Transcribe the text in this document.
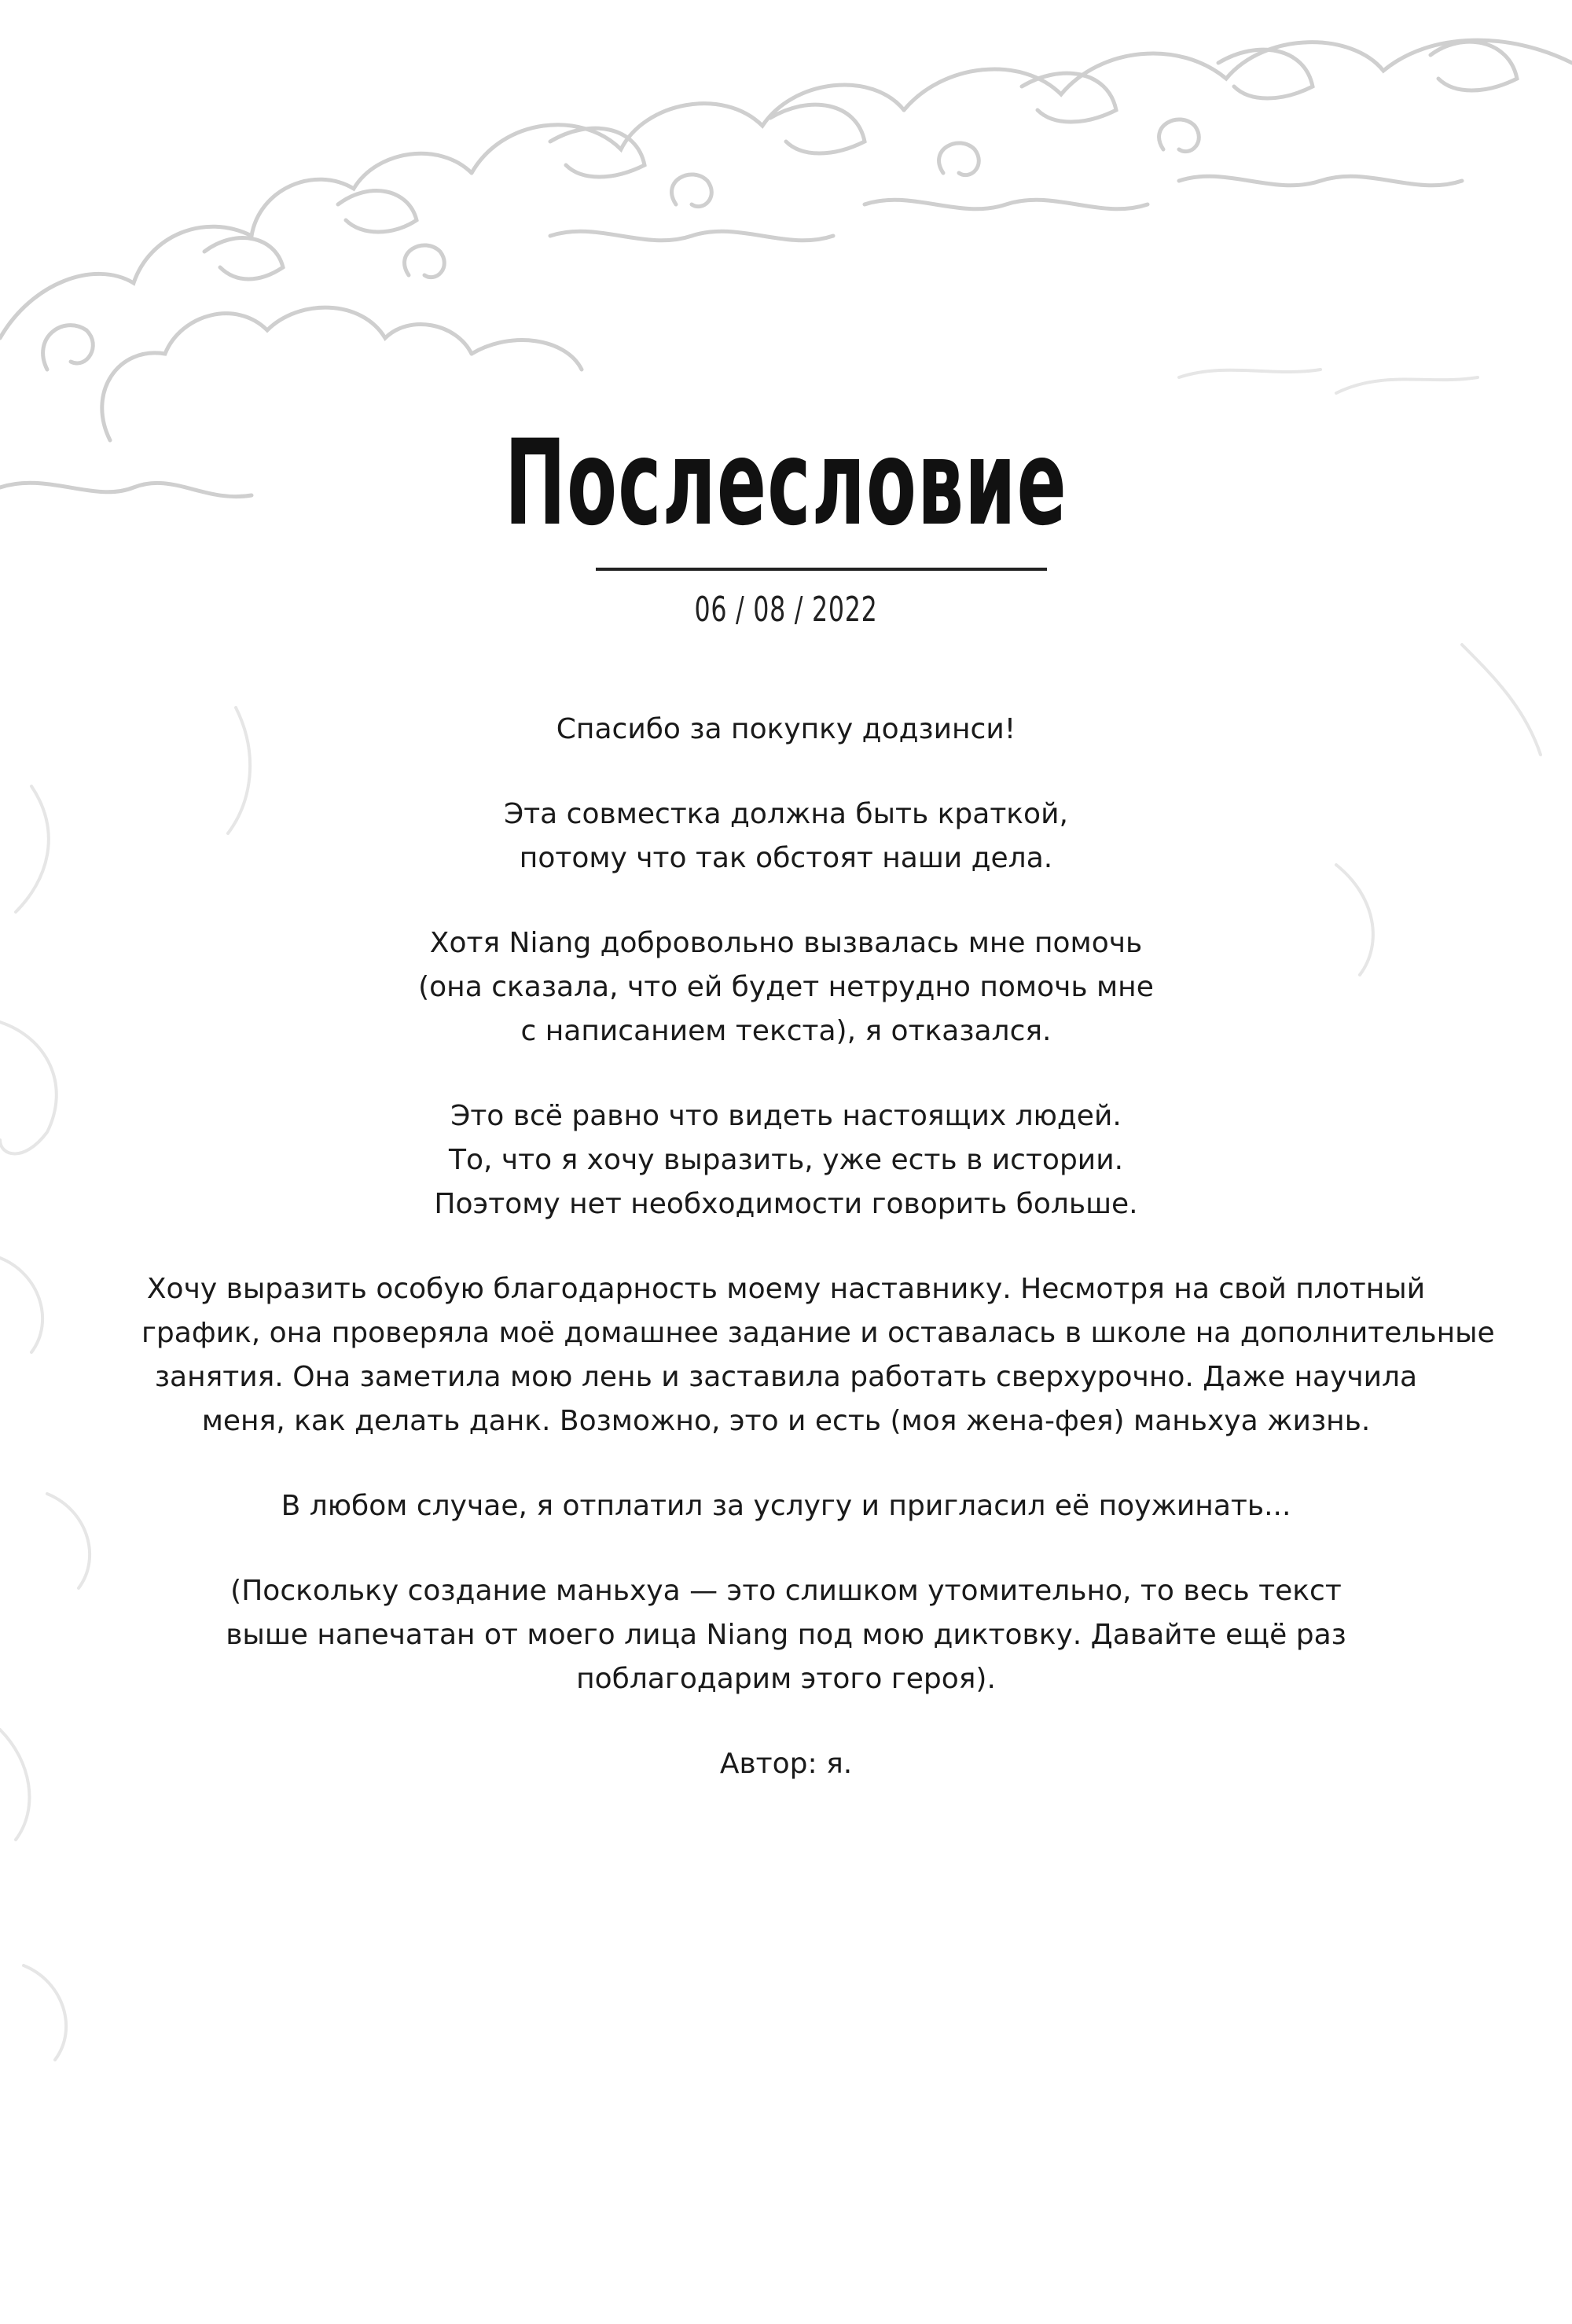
Послесловие
06 / 08 / 2022
Спасибо за покупку додзинси!
Эта совместка должна быть краткой,
потому что так обстоят наши дела.
Хотя Niang добровольно вызвалась мне помочь
(она сказала, что ей будет нетрудно помочь мне
с написанием текста), я отказался.
Это всё равно что видеть настоящих людей.
То, что я хочу выразить, уже есть в истории.
Поэтому нет необходимости говорить больше.
Хочу выразить особую благодарность моему наставнику. Несмотря на свой плотный
график, она проверяла моё домашнее задание и оставалась в школе на дополнительные
занятия. Она заметила мою лень и заставила работать сверхурочно. Даже научила
меня, как делать данк. Возможно, это и есть (моя жена-фея) маньхуа жизнь.
В любом случае, я отплатил за услугу и пригласил её поужинать...
(Поскольку создание маньхуа — это слишком утомительно, то весь текст
выше напечатан от моего лица Niang под мою диктовку. Давайте ещё раз
поблагодарим этого героя).
Автор: я.
